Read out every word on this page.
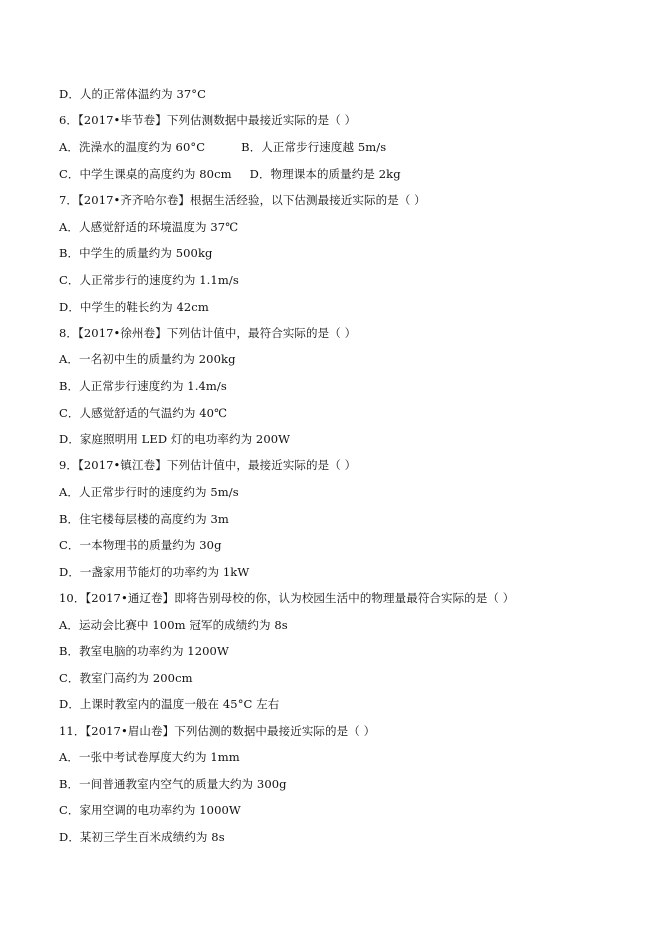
D．人的正常体温约为 37°C
6．【2017•毕节卷】下列估测数据中最接近实际的是（ ）
A．洗澡水的温度约为 60°C	B．人正常步行速度越 5m/s
C．中学生课桌的高度约为 80cm D．物理课本的质量约是 2kg
7．【2017•齐齐哈尔卷】根据生活经验，以下估测最接近实际的是（ ）
A．人感觉舒适的环境温度为 37℃
B．中学生的质量约为 500kg
C．人正常步行的速度约为 1.1m/s
D．中学生的鞋长约为 42cm
8．【2017•徐州卷】下列估计值中，最符合实际的是（ ）
A．一名初中生的质量约为 200kg
B．人正常步行速度约为 1.4m/s
C．人感觉舒适的气温约为 40℃
D．家庭照明用 LED 灯的电功率约为 200W
9．【2017•镇江卷】下列估计值中，最接近实际的是（ ）
A．人正常步行时的速度约为 5m/s
B．住宅楼每层楼的高度约为 3m
C．一本物理书的质量约为 30g
D．一盏家用节能灯的功率约为 1kW
10．【2017•通辽卷】即将告别母校的你，认为校园生活中的物理量最符合实际的是（ ）
A．运动会比赛中 100m 冠军的成绩约为 8s
B．教室电脑的功率约为 1200W
C．教室门高约为 200cm
D．上课时教室内的温度一般在 45°C 左右
11．【2017•眉山卷】下列估测的数据中最接近实际的是（ ）
A．一张中考试卷厚度大约为 1mm
B．一间普通教室内空气的质量大约为 300g
C．家用空调的电功率约为 1000W
D．某初三学生百米成绩约为 8s
